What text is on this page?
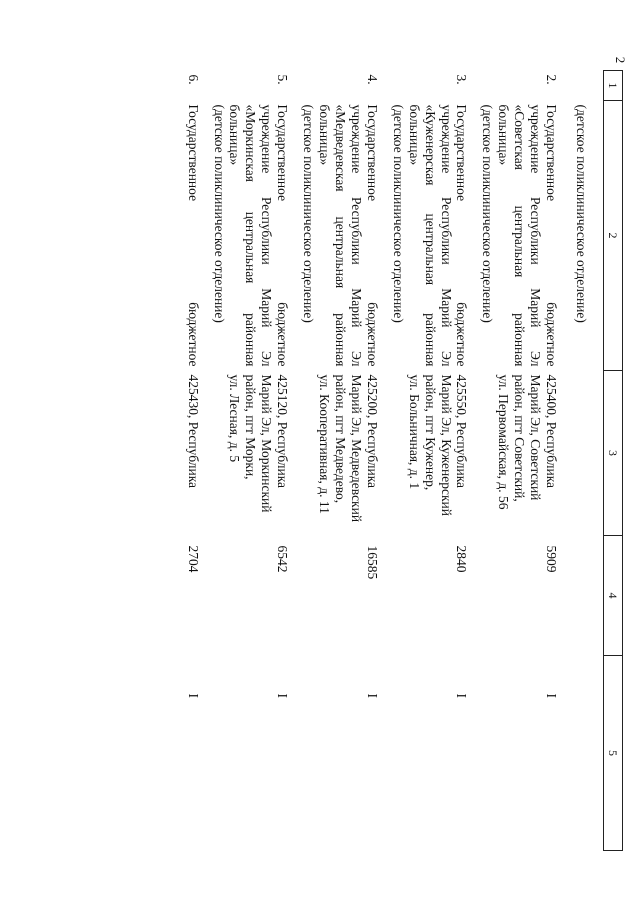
2
1	2	3	4	5
	(детское поликлиническое отделение)			
2.	Государственное бюджетное
учреждение Республики Марий Эл
«Советская центральная районная
больница»
(детское поликлиническое отделение)	425400, Республика
Марий Эл, Советский
район, пгт Советский,
ул. Первомайская, д. 56	5909	I
3.	Государственное бюджетное
учреждение Республики Марий Эл
«Куженерская центральная районная
больница»
(детское поликлиническое отделение)	425550, Республика
Марий Эл, Куженерский
район, пгт Куженер,
ул. Больничная, д. 1	2840	I
4.	Государственное бюджетное
учреждение Республики Марий Эл
«Медведевская центральная районная
больница»
(детское поликлиническое отделение)	425200, Республика
Марий Эл, Медведевский
район, пгт Медведево,
ул. Кооперативная, д. 11	16585	I
5.	Государственное бюджетное
учреждение Республики Марий Эл
«Моркинская центральная районная
больница»
(детское поликлиническое отделение)	425120, Республика
Марий Эл, Моркинский
район, пгт Морки,
ул. Лесная, д. 5	6542	I
6.	Государственное бюджетное	425430, Республика	2704	I
